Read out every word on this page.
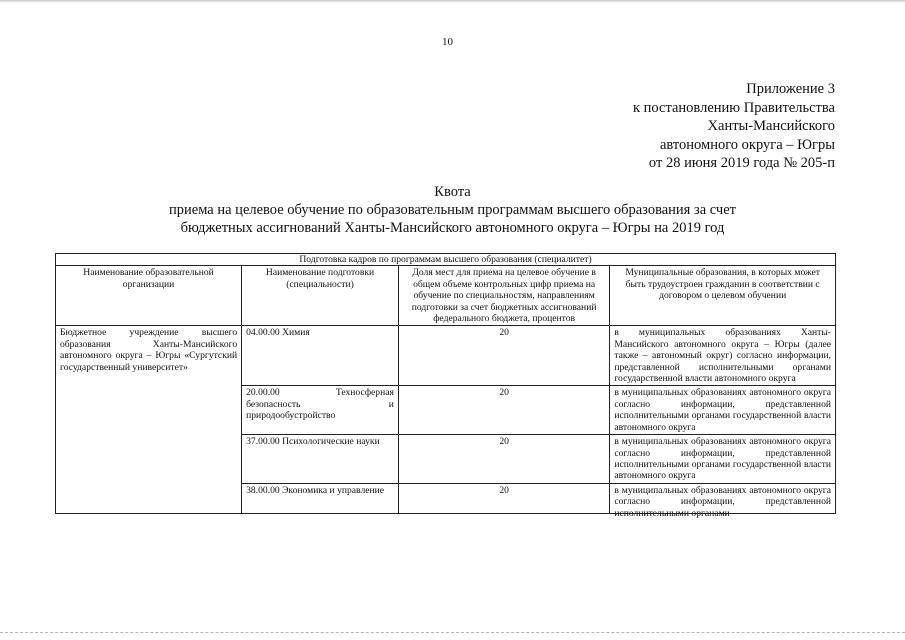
10
Приложение 3
к постановлению Правительства
Ханты-Мансийского
автономного округа – Югры
от 28 июня 2019 года № 205-п
Квота
приема на целевое обучение по образовательным программам высшего образования за счет
бюджетных ассигнований Ханты-Мансийского автономного округа – Югры на 2019 год
Подготовка кадров по программам высшего образования (специалитет)			
Наименование образовательной организации	Наименование подготовки (специальности)	Доля мест для приема на целевое обучение в общем объеме контрольных цифр приема на обучение по специальностям, направлениям подготовки за счет бюджетных ассигнований федерального бюджета, процентов	Муниципальные образования, в которых может быть трудоустроен гражданин в соответствии с договором о целевом обучении
Бюджетное учреждение высшего образования Ханты-Мансийского автономного округа – Югры «Сургутский государственный университет»	04.00.00 Химия	20	в муниципальных образованиях Ханты-Мансийского автономного округа – Югры (далее также – автономный округ) согласно информации, представленной исполнительными органами государственной власти автономного округа
	20.00.00 Техносферная безопасность и природообустройство	20	в муниципальных образованиях автономного округа согласно информации, представленной исполнительными органами государственной власти автономного округа
	37.00.00 Психологические науки	20	в муниципальных образованиях автономного округа согласно информации, представленной исполнительными органами государственной власти автономного округа
	38.00.00 Экономика и управление	20	в муниципальных образованиях автономного округа согласно информации, представленной исполнительными органами
